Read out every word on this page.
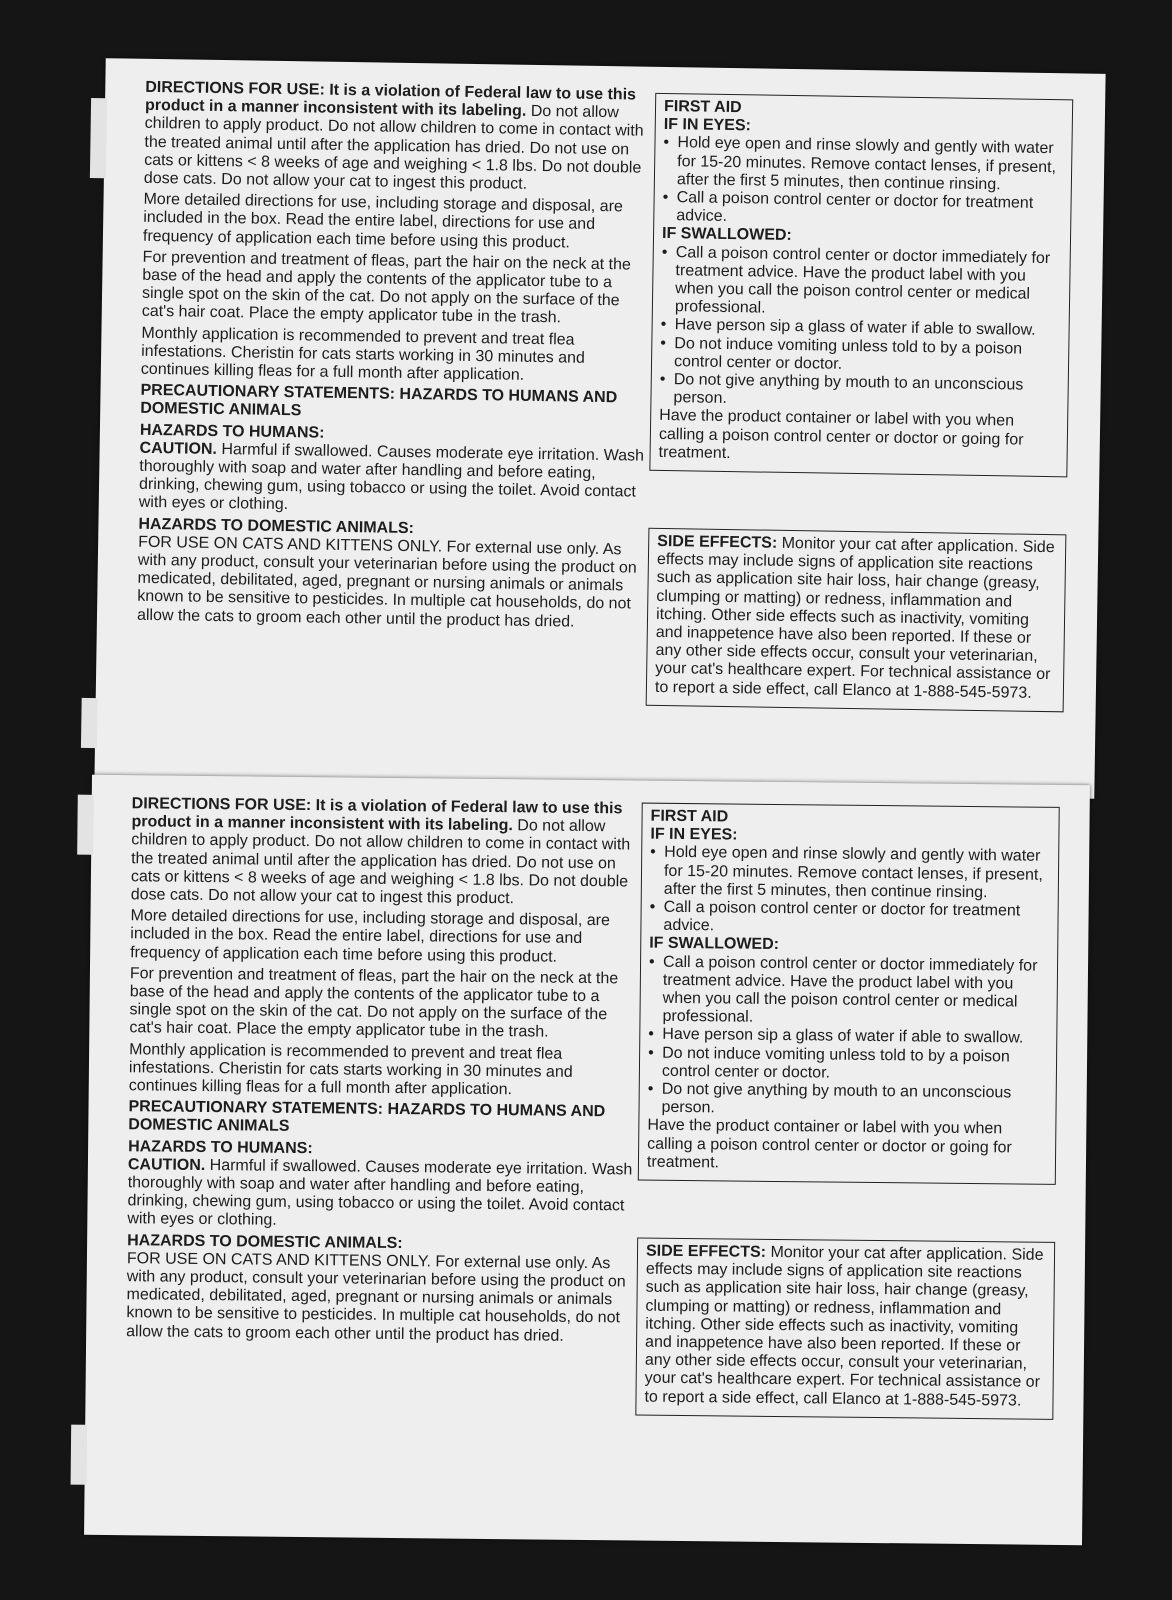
DIRECTIONS FOR USE: It is a violation of Federal law to use this product in a manner inconsistent with its labeling. Do not allow children to apply product. Do not allow children to come in contact with the treated animal until after the application has dried. Do not use on cats or kittens < 8 weeks of age and weighing < 1.8 lbs. Do not double dose cats. Do not allow your cat to ingest this product.

More detailed directions for use, including storage and disposal, are included in the box. Read the entire label, directions for use and frequency of application each time before using this product.

For prevention and treatment of fleas, part the hair on the neck at the base of the head and apply the contents of the applicator tube to a single spot on the skin of the cat. Do not apply on the surface of the cat's hair coat. Place the empty applicator tube in the trash.

Monthly application is recommended to prevent and treat flea infestations. Cheristin for cats starts working in 30 minutes and continues killing fleas for a full month after application.

PRECAUTIONARY STATEMENTS: HAZARDS TO HUMANS AND DOMESTIC ANIMALS

HAZARDS TO HUMANS:

CAUTION. Harmful if swallowed. Causes moderate eye irritation. Wash thoroughly with soap and water after handling and before eating, drinking, chewing gum, using tobacco or using the toilet. Avoid contact with eyes or clothing.

HAZARDS TO DOMESTIC ANIMALS:

FOR USE ON CATS AND KITTENS ONLY. For external use only. As with any product, consult your veterinarian before using the product on medicated, debilitated, aged, pregnant or nursing animals or animals known to be sensitive to pesticides. In multiple cat households, do not allow the cats to groom each other until the product has dried.

FIRST AID

IF IN EYES:

• Hold eye open and rinse slowly and gently with water for 15-20 minutes. Remove contact lenses, if present, after the first 5 minutes, then continue rinsing.
• Call a poison control center or doctor for treatment advice.

IF SWALLOWED:

• Call a poison control center or doctor immediately for treatment advice. Have the product label with you when you call the poison control center or medical professional.
• Have person sip a glass of water if able to swallow.
• Do not induce vomiting unless told to by a poison control center or doctor.
• Do not give anything by mouth to an unconscious person.

Have the product container or label with you when calling a poison control center or doctor or going for treatment.

SIDE EFFECTS: Monitor your cat after application. Side effects may include signs of application site reactions such as application site hair loss, hair change (greasy, clumping or matting) or redness, inflammation and itching. Other side effects such as inactivity, vomiting and inappetence have also been reported. If these or any other side effects occur, consult your veterinarian, your cat's healthcare expert. For technical assistance or to report a side effect, call Elanco at 1-888-545-5973.

DIRECTIONS FOR USE: It is a violation of Federal law to use this product in a manner inconsistent with its labeling. Do not allow children to apply product. Do not allow children to come in contact with the treated animal until after the application has dried. Do not use on cats or kittens < 8 weeks of age and weighing < 1.8 lbs. Do not double dose cats. Do not allow your cat to ingest this product.

More detailed directions for use, including storage and disposal, are included in the box. Read the entire label, directions for use and frequency of application each time before using this product.

For prevention and treatment of fleas, part the hair on the neck at the base of the head and apply the contents of the applicator tube to a single spot on the skin of the cat. Do not apply on the surface of the cat's hair coat. Place the empty applicator tube in the trash.

Monthly application is recommended to prevent and treat flea infestations. Cheristin for cats starts working in 30 minutes and continues killing fleas for a full month after application.

PRECAUTIONARY STATEMENTS: HAZARDS TO HUMANS AND DOMESTIC ANIMALS

HAZARDS TO HUMANS:

CAUTION. Harmful if swallowed. Causes moderate eye irritation. Wash thoroughly with soap and water after handling and before eating, drinking, chewing gum, using tobacco or using the toilet. Avoid contact with eyes or clothing.

HAZARDS TO DOMESTIC ANIMALS:

FOR USE ON CATS AND KITTENS ONLY. For external use only. As with any product, consult your veterinarian before using the product on medicated, debilitated, aged, pregnant or nursing animals or animals known to be sensitive to pesticides. In multiple cat households, do not allow the cats to groom each other until the product has dried.

FIRST AID

IF IN EYES:

• Hold eye open and rinse slowly and gently with water for 15-20 minutes. Remove contact lenses, if present, after the first 5 minutes, then continue rinsing.
• Call a poison control center or doctor for treatment advice.

IF SWALLOWED:

• Call a poison control center or doctor immediately for treatment advice. Have the product label with you when you call the poison control center or medical professional.
• Have person sip a glass of water if able to swallow.
• Do not induce vomiting unless told to by a poison control center or doctor.
• Do not give anything by mouth to an unconscious person.

Have the product container or label with you when calling a poison control center or doctor or going for treatment.

SIDE EFFECTS: Monitor your cat after application. Side effects may include signs of application site reactions such as application site hair loss, hair change (greasy, clumping or matting) or redness, inflammation and itching. Other side effects such as inactivity, vomiting and inappetence have also been reported. If these or any other side effects occur, consult your veterinarian, your cat's healthcare expert. For technical assistance or to report a side effect, call Elanco at 1-888-545-5973.
